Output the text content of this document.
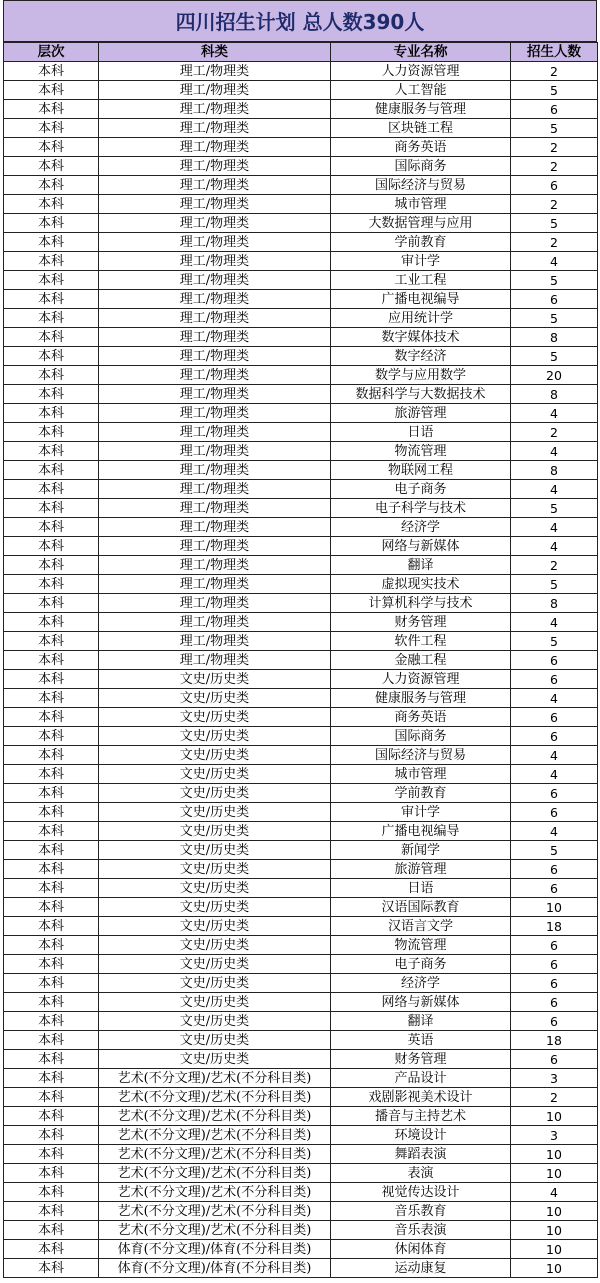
四川招生计划 总人数390人
层次	科类	专业名称	招生人数
本科	理工/物理类	人力资源管理	2
本科	理工/物理类	人工智能	5
本科	理工/物理类	健康服务与管理	6
本科	理工/物理类	区块链工程	5
本科	理工/物理类	商务英语	2
本科	理工/物理类	国际商务	2
本科	理工/物理类	国际经济与贸易	6
本科	理工/物理类	城市管理	2
本科	理工/物理类	大数据管理与应用	5
本科	理工/物理类	学前教育	2
本科	理工/物理类	审计学	4
本科	理工/物理类	工业工程	5
本科	理工/物理类	广播电视编导	6
本科	理工/物理类	应用统计学	5
本科	理工/物理类	数字媒体技术	8
本科	理工/物理类	数字经济	5
本科	理工/物理类	数学与应用数学	20
本科	理工/物理类	数据科学与大数据技术	8
本科	理工/物理类	旅游管理	4
本科	理工/物理类	日语	2
本科	理工/物理类	物流管理	4
本科	理工/物理类	物联网工程	8
本科	理工/物理类	电子商务	4
本科	理工/物理类	电子科学与技术	5
本科	理工/物理类	经济学	4
本科	理工/物理类	网络与新媒体	4
本科	理工/物理类	翻译	2
本科	理工/物理类	虚拟现实技术	5
本科	理工/物理类	计算机科学与技术	8
本科	理工/物理类	财务管理	4
本科	理工/物理类	软件工程	5
本科	理工/物理类	金融工程	6
本科	文史/历史类	人力资源管理	6
本科	文史/历史类	健康服务与管理	4
本科	文史/历史类	商务英语	6
本科	文史/历史类	国际商务	6
本科	文史/历史类	国际经济与贸易	4
本科	文史/历史类	城市管理	4
本科	文史/历史类	学前教育	6
本科	文史/历史类	审计学	6
本科	文史/历史类	广播电视编导	4
本科	文史/历史类	新闻学	5
本科	文史/历史类	旅游管理	6
本科	文史/历史类	日语	6
本科	文史/历史类	汉语国际教育	10
本科	文史/历史类	汉语言文学	18
本科	文史/历史类	物流管理	6
本科	文史/历史类	电子商务	6
本科	文史/历史类	经济学	6
本科	文史/历史类	网络与新媒体	6
本科	文史/历史类	翻译	6
本科	文史/历史类	英语	18
本科	文史/历史类	财务管理	6
本科	艺术(不分文理)/艺术(不分科目类)	产品设计	3
本科	艺术(不分文理)/艺术(不分科目类)	戏剧影视美术设计	2
本科	艺术(不分文理)/艺术(不分科目类)	播音与主持艺术	10
本科	艺术(不分文理)/艺术(不分科目类)	环境设计	3
本科	艺术(不分文理)/艺术(不分科目类)	舞蹈表演	10
本科	艺术(不分文理)/艺术(不分科目类)	表演	10
本科	艺术(不分文理)/艺术(不分科目类)	视觉传达设计	4
本科	艺术(不分文理)/艺术(不分科目类)	音乐教育	10
本科	艺术(不分文理)/艺术(不分科目类)	音乐表演	10
本科	体育(不分文理)/体育(不分科目类)	休闲体育	10
本科	体育(不分文理)/体育(不分科目类)	运动康复	10
